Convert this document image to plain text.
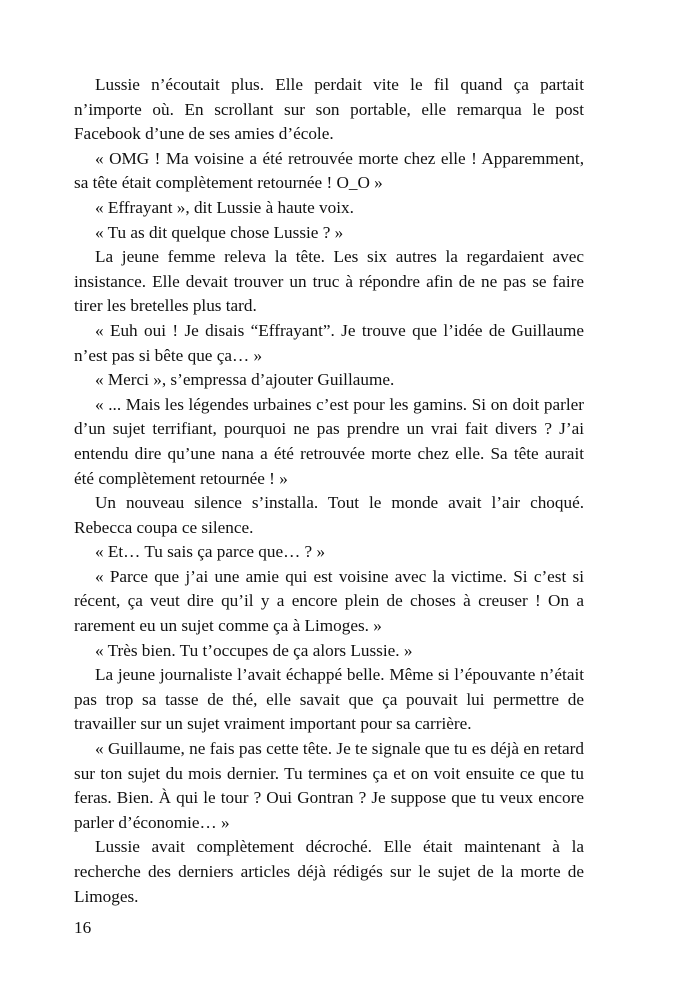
Lussie n’écoutait plus. Elle perdait vite le fil quand ça partait n’importe où. En scrollant sur son portable, elle remarqua le post Facebook d’une de ses amies d’école.

« OMG ! Ma voisine a été retrouvée morte chez elle ! Apparemment, sa tête était complètement retournée ! O_O »

« Effrayant », dit Lussie à haute voix.

« Tu as dit quelque chose Lussie ? »

La jeune femme releva la tête. Les six autres la regardaient avec insistance. Elle devait trouver un truc à répondre afin de ne pas se faire tirer les bretelles plus tard.

« Euh oui ! Je disais “Effrayant”. Je trouve que l’idée de Guillaume n’est pas si bête que ça… »

« Merci », s’empressa d’ajouter Guillaume.

« ... Mais les légendes urbaines c’est pour les gamins. Si on doit parler d’un sujet terrifiant, pourquoi ne pas prendre un vrai fait divers ? J’ai entendu dire qu’une nana a été retrouvée morte chez elle. Sa tête aurait été complètement retournée ! »

Un nouveau silence s’installa. Tout le monde avait l’air choqué. Rebecca coupa ce silence.

« Et… Tu sais ça parce que… ? »

« Parce que j’ai une amie qui est voisine avec la victime. Si c’est si récent, ça veut dire qu’il y a encore plein de choses à creuser ! On a rarement eu un sujet comme ça à Limoges. »

« Très bien. Tu t’occupes de ça alors Lussie. »

La jeune journaliste l’avait échappé belle. Même si l’épouvante n’était pas trop sa tasse de thé, elle savait que ça pouvait lui permettre de travailler sur un sujet vraiment important pour sa carrière.

« Guillaume, ne fais pas cette tête. Je te signale que tu es déjà en retard sur ton sujet du mois dernier. Tu termines ça et on voit ensuite ce que tu feras. Bien. À qui le tour ? Oui Gontran ? Je suppose que tu veux encore parler d’économie… »

Lussie avait complètement décroché. Elle était maintenant à la recherche des derniers articles déjà rédigés sur le sujet de la morte de Limoges.

16
